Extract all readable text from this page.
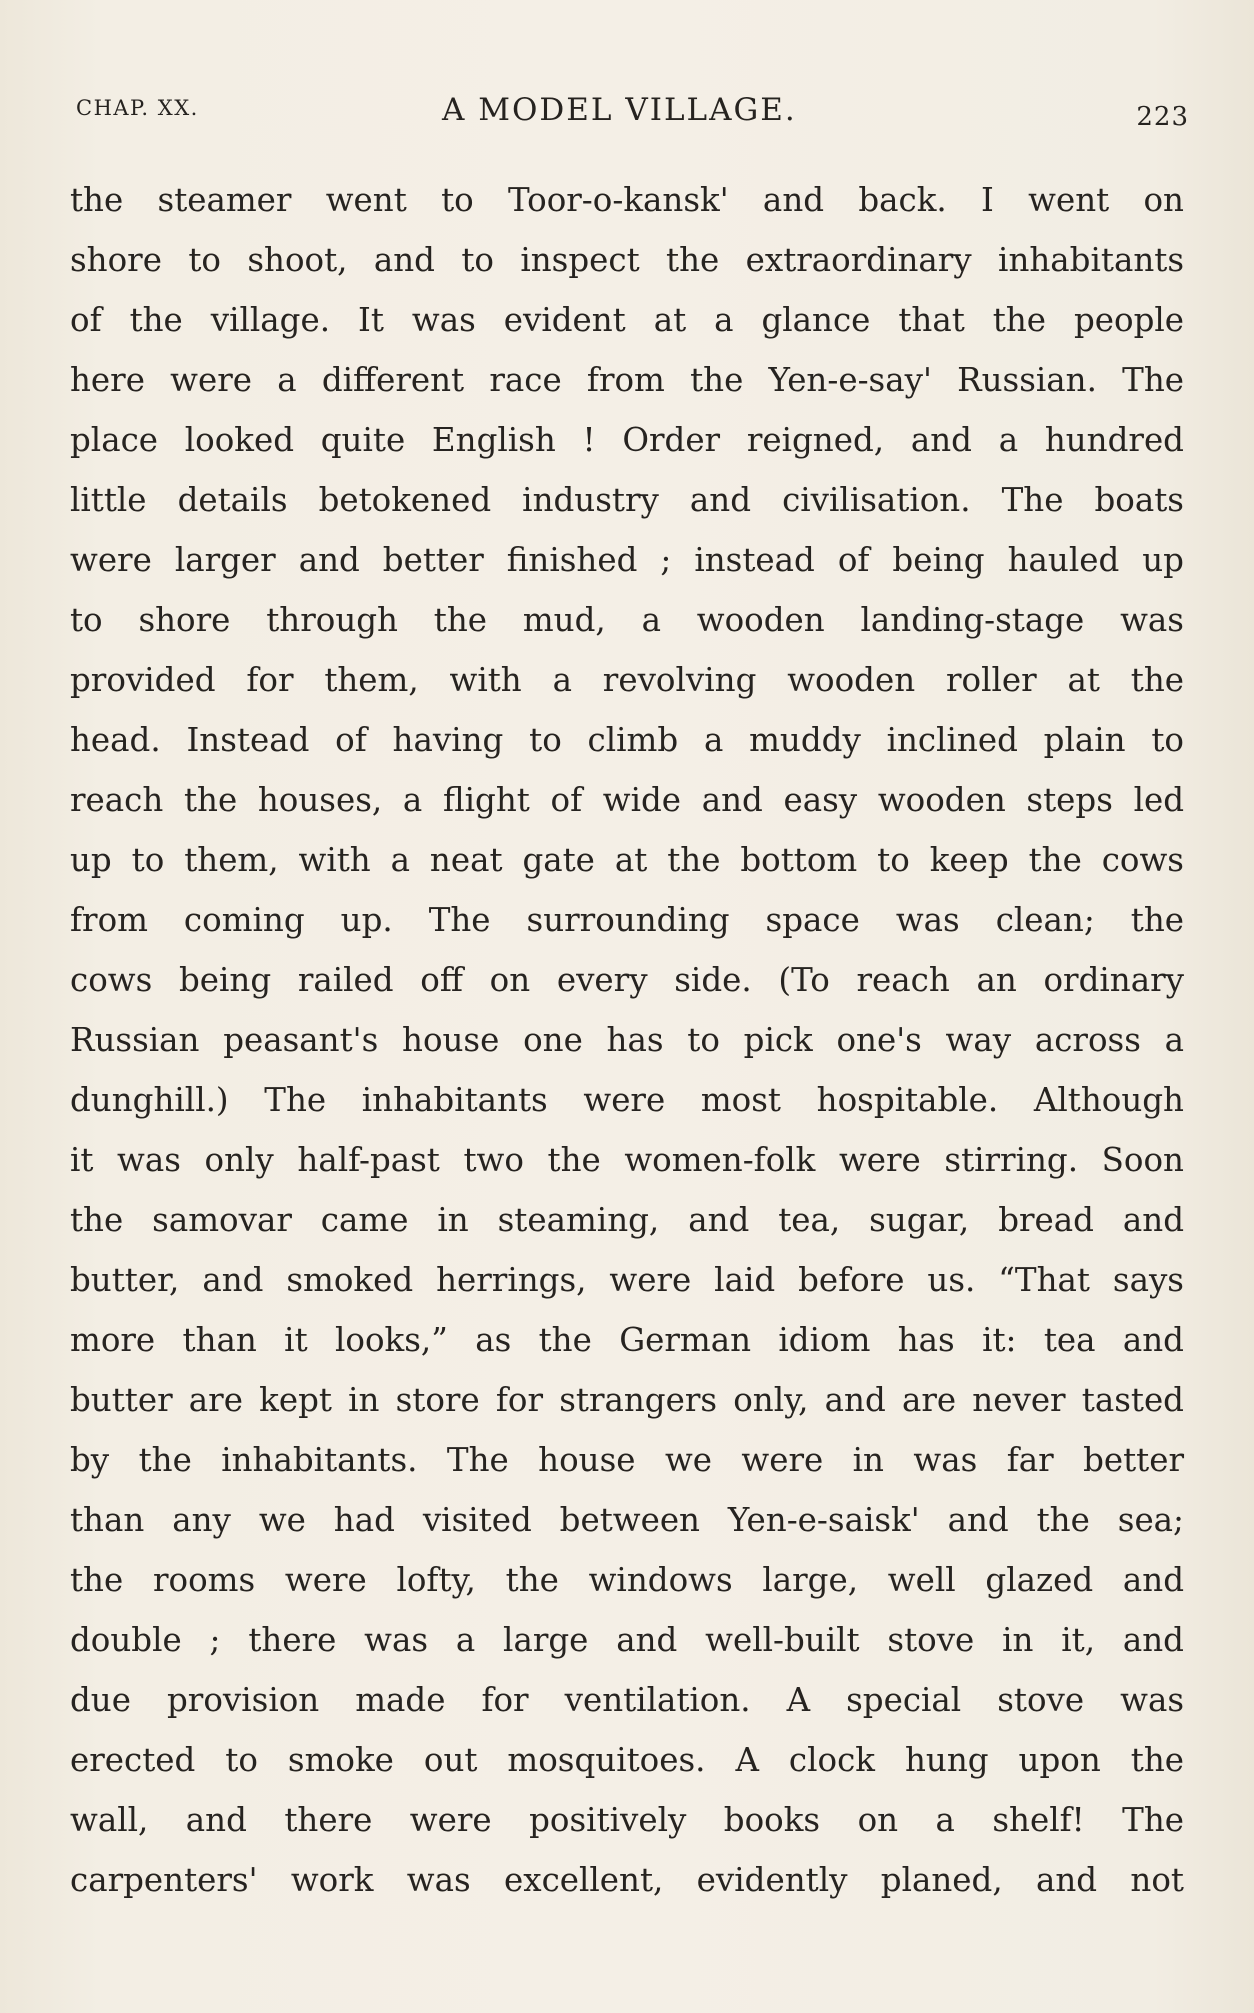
CHAP. XX.	A MODEL VILLAGE.	223
the steamer went to Toor-o-kansk' and back. I went on
shore to shoot, and to inspect the extraordinary inhabitants
of the village. It was evident at a glance that the people
here were a different race from the Yen-e-say' Russian. The
place looked quite English ! Order reigned, and a hundred
little details betokened industry and civilisation. The boats
were larger and better finished ; instead of being hauled up
to shore through the mud, a wooden landing-stage was
provided for them, with a revolving wooden roller at the
head. Instead of having to climb a muddy inclined plain to
reach the houses, a flight of wide and easy wooden steps led
up to them, with a neat gate at the bottom to keep the cows
from coming up. The surrounding space was clean; the
cows being railed off on every side. (To reach an ordinary
Russian peasant's house one has to pick one's way across a
dunghill.) The inhabitants were most hospitable. Although
it was only half-past two the women-folk were stirring. Soon
the samovar came in steaming, and tea, sugar, bread and
butter, and smoked herrings, were laid before us. “That says
more than it looks,” as the German idiom has it: tea and
butter are kept in store for strangers only, and are never tasted
by the inhabitants. The house we were in was far better
than any we had visited between Yen-e-saisk' and the sea;
the rooms were lofty, the windows large, well glazed and
double ; there was a large and well-built stove in it, and
due provision made for ventilation. A special stove was
erected to smoke out mosquitoes. A clock hung upon the
wall, and there were positively books on a shelf! The
carpenters' work was excellent, evidently planed, and not
